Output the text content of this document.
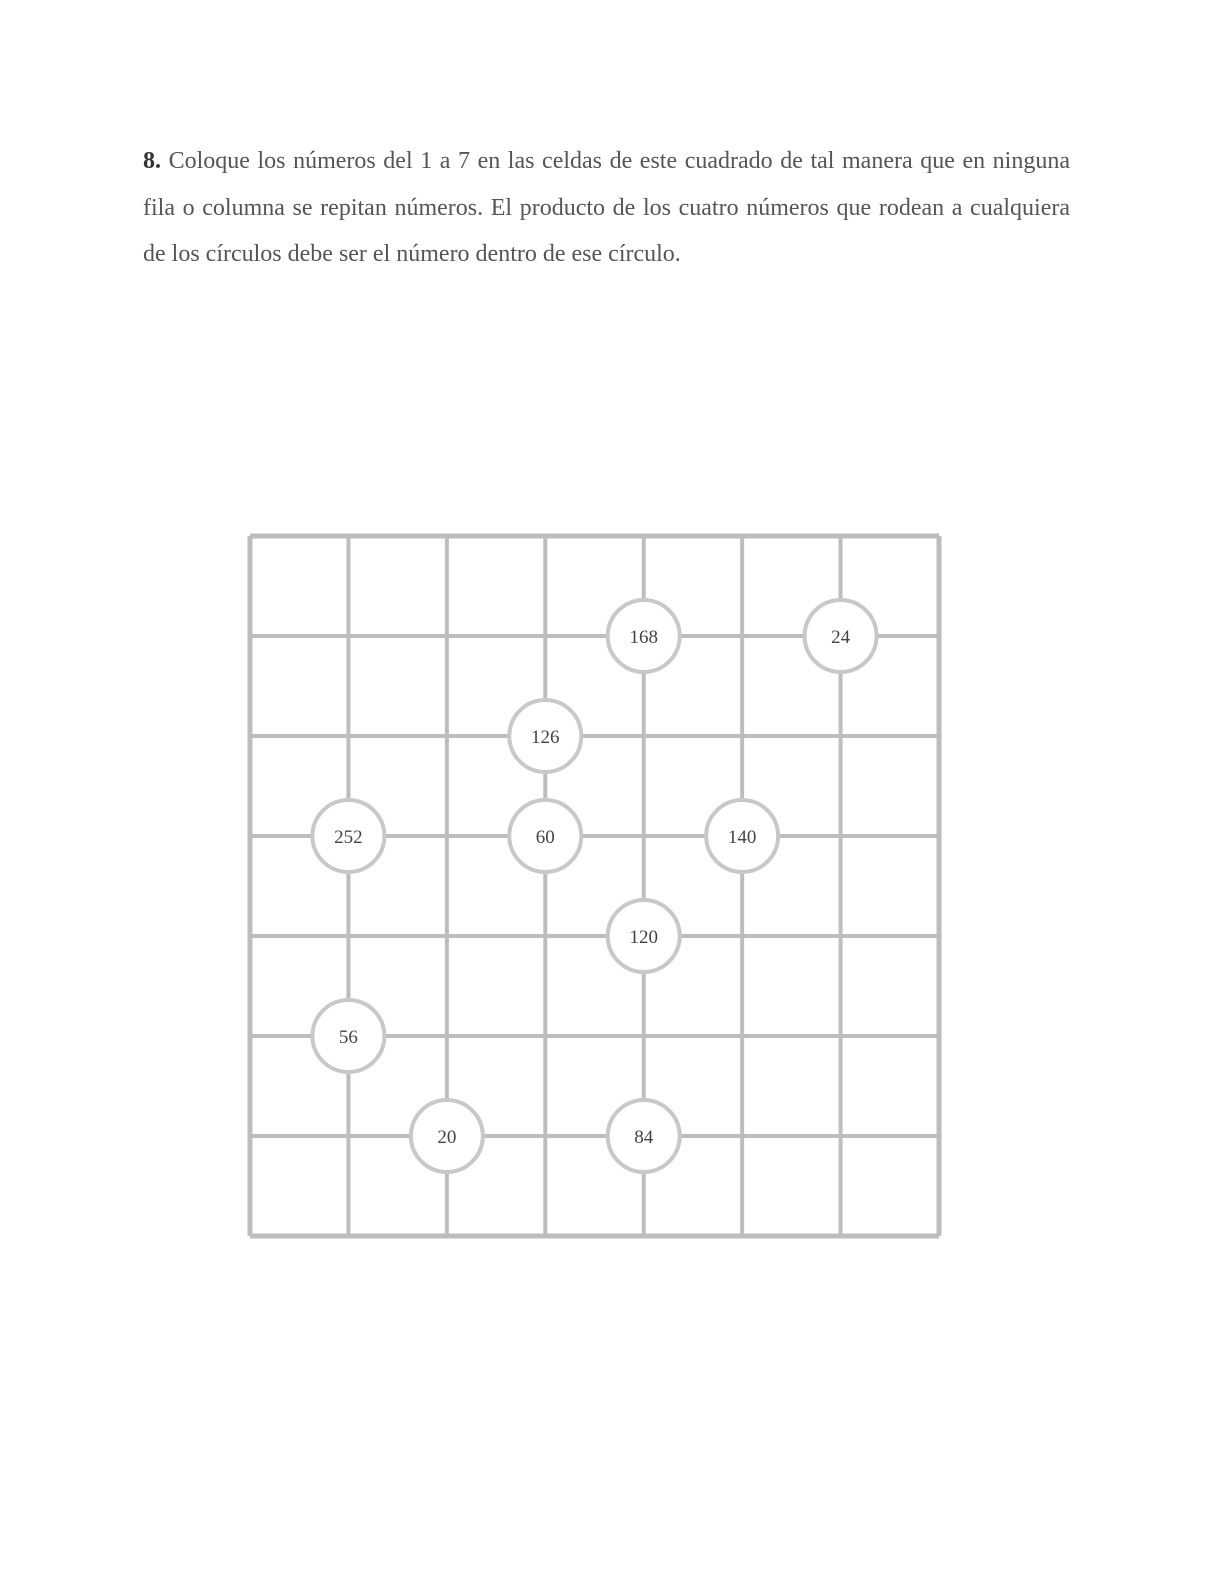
8. Coloque los números del 1 a 7 en las celdas de este cuadrado de tal manera que en ninguna fila o columna se repitan números. El producto de los cuatro números que rodean a cualquiera de los círculos debe ser el número dentro de ese círculo.
168	24
126
252	60	140
120
56
20	84
